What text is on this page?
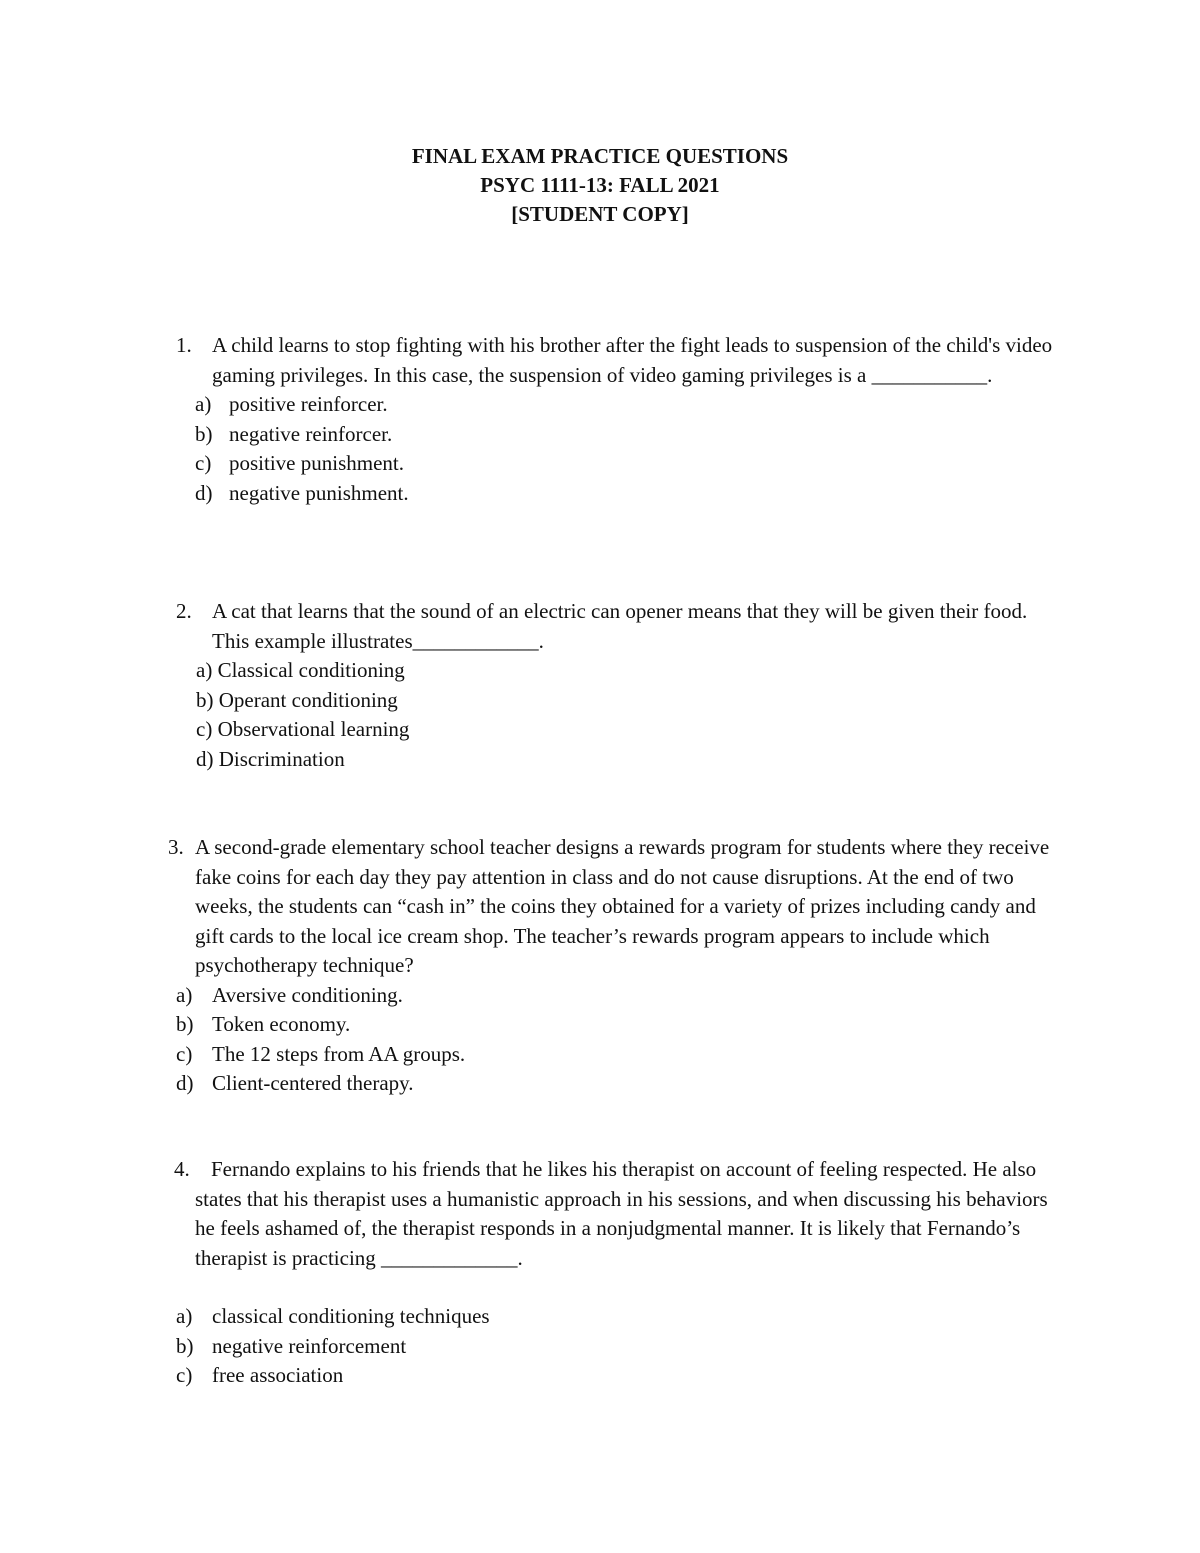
FINAL EXAM PRACTICE QUESTIONS
PSYC 1111-13: FALL 2021
[STUDENT COPY]
1. A child learns to stop fighting with his brother after the fight leads to suspension of the child's video gaming privileges. In this case, the suspension of video gaming privileges is a ___________.
a) positive reinforcer.
b) negative reinforcer.
c) positive punishment.
d) negative punishment.
2. A cat that learns that the sound of an electric can opener means that they will be given their food. This example illustrates____________.
a) Classical conditioning
b) Operant conditioning
c) Observational learning
d) Discrimination
3. A second-grade elementary school teacher designs a rewards program for students where they receive fake coins for each day they pay attention in class and do not cause disruptions. At the end of two weeks, the students can “cash in” the coins they obtained for a variety of prizes including candy and gift cards to the local ice cream shop. The teacher’s rewards program appears to include which psychotherapy technique?
a) Aversive conditioning.
b) Token economy.
c) The 12 steps from AA groups.
d) Client-centered therapy.
4. Fernando explains to his friends that he likes his therapist on account of feeling respected. He also states that his therapist uses a humanistic approach in his sessions, and when discussing his behaviors he feels ashamed of, the therapist responds in a nonjudgmental manner. It is likely that Fernando’s therapist is practicing _____________.
a) classical conditioning techniques
b) negative reinforcement
c) free association
